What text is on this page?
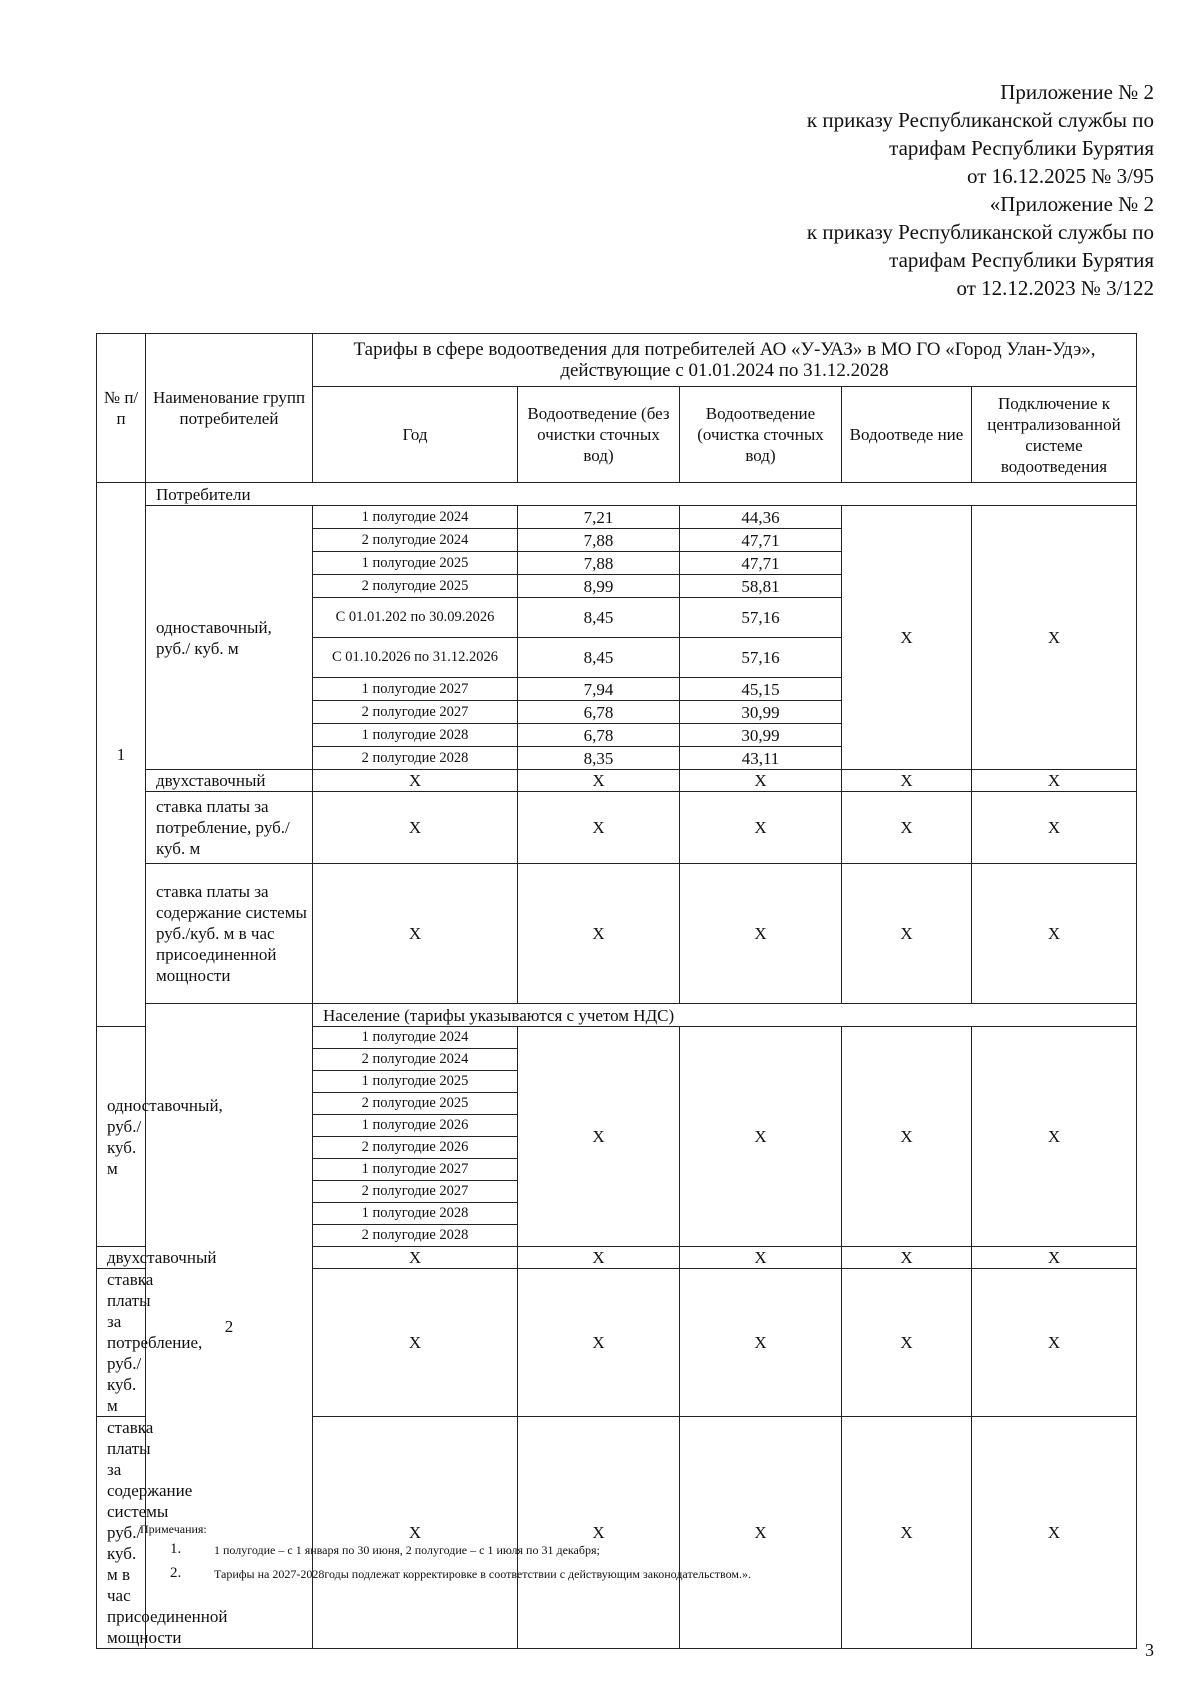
Приложение № 2
к приказу Республиканской службы по
тарифам Республики Бурятия
от 16.12.2025 № 3/95
«Приложение № 2
к приказу Республиканской службы по
тарифам Республики Бурятия
от 12.12.2023 № 3/122
№ п/п	Наименование групп потребителей	Тарифы в сфере водоотведения для потребителей АО «У-УАЗ» в МО ГО «Город Улан-Удэ», действующие с 01.01.2024 по 31.12.2028				
		Год	Водоотведение (без очистки сточных вод)	Водоотведение (очистка сточных вод)	Водоотведе ние	Подключение к централизованной системе водоотведения
1	Потребители					
	одноставочный, руб./ куб. м	1 полугодие 2024	7,21	44,36	X	X
		2 полугодие 2024	7,88	47,71		
		1 полугодие 2025	7,88	47,71		
		2 полугодие 2025	8,99	58,81		
		С 01.01.202 по 30.09.2026	8,45	57,16		
		С 01.10.2026 по 31.12.2026	8,45	57,16		
		1 полугодие 2027	7,94	45,15		
		2 полугодие 2027	6,78	30,99		
		1 полугодие 2028	6,78	30,99		
		2 полугодие 2028	8,35	43,11		
	двухставочный	X	X	X	X	X
	ставка платы за потребление, руб./ куб. м	X	X	X	X	X
	ставка платы за содержание системы руб./куб. м в час присоединенной мощности	X	X	X	X	X
	2	Население (тарифы указываются с учетом НДС)				
одноставочный, руб./ куб. м		1 полугодие 2024	X	X	X	X
		2 полугодие 2024				
		1 полугодие 2025				
		2 полугодие 2025				
		1 полугодие 2026				
		2 полугодие 2026				
		1 полугодие 2027				
		2 полугодие 2027				
		1 полугодие 2028				
		2 полугодие 2028				
двухставочный		X	X	X	X	X
ставка платы за потребление, руб./ куб. м		X	X	X	X	X
ставка платы за содержание системы руб./куб. м в час присоединенной мощности		X	X	X	X	X
Примечания:
1.	1 полугодие – с 1 января по 30 июня, 2 полугодие – с 1 июля по 31 декабря;
2.	Тарифы на 2027-2028годы подлежат корректировке в соответствии с действующим законодательством.».
3
